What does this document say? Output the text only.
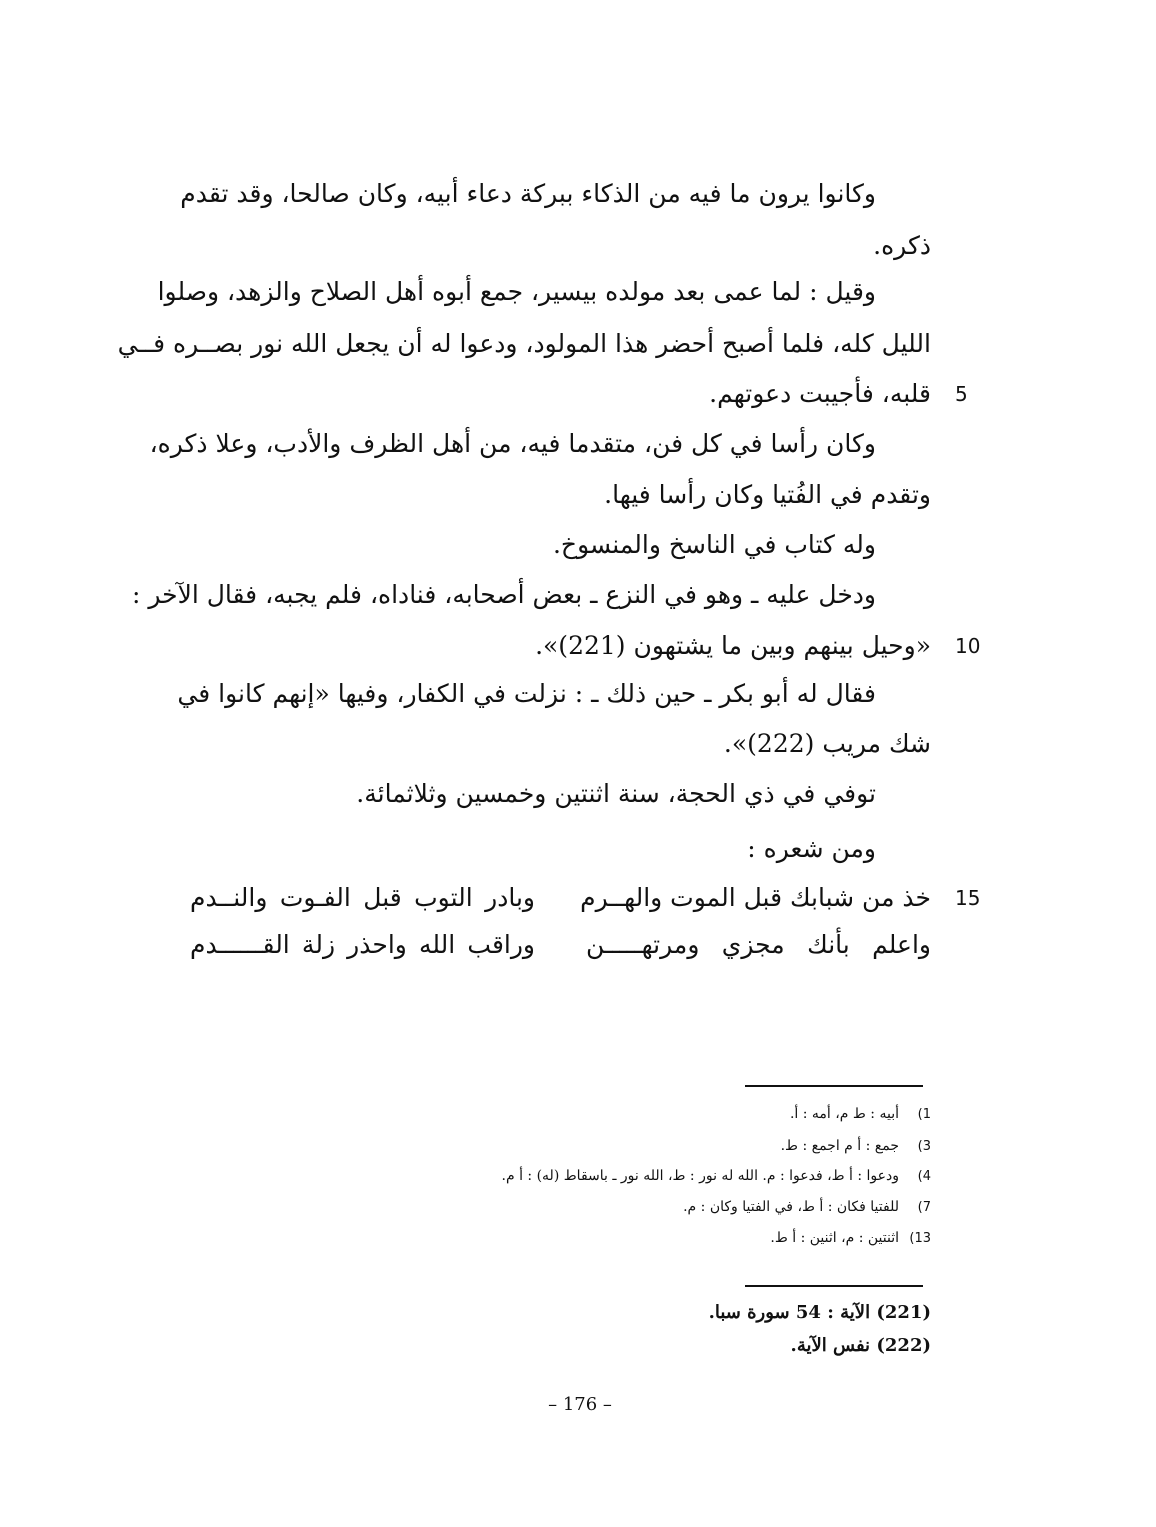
وكانوا يرون ما فيه من الذكاء ببركة دعاء أبيه، وكان صالحا، وقد تقدم
ذكره.
وقيل : لما عمى بعد مولده بيسير، جمع أبوه أهل الصلاح والزهد، وصلوا
الليل كله، فلما أصبح أحضر هذا المولود، ودعوا له أن يجعل الله نور بصــره فــي
قلبه، فأجيبت دعوتهم. 5
وكان رأسا في كل فن، متقدما فيه، من أهل الظرف والأدب، وعلا ذكره،
وتقدم في الفُتيا وكان رأسا فيها.
وله كتاب في الناسخ والمنسوخ.
ودخل عليه ـ وهو في النزع ـ بعض أصحابه، فناداه، فلم يجبه، فقال الآخر :
«وحيل بينهم وبين ما يشتهون (221)». 10
فقال له أبو بكر ـ حين ذلك ـ : نزلت في الكفار، وفيها «إنهم كانوا في
شك مريب (222)».
توفي في ذي الحجة، سنة اثنتين وخمسين وثلاثمائة.
ومن شعره :
خذ من شبابك قبل الموت والهــرم
وبادر التوب قبل الفـوت والنــدم	15
واعلم بأنك مجزي ومرتهـــــن
وراقب الله واحذر زلة القــــــدم
1)أبيه : ط م، أمه : أ.
3)جمع : أ م اجمع : ط.
4)ودعوا : أ ط، فدعوا : م. الله له نور : ط، الله نور ـ باسقاط (له) : أ م.
7)للفتيا فكان : أ ط، في الفتيا وكان : م.
13)اثنتين : م، اثنين : أ ط.
(221) الآية : 54 سورة سبا.
(222) نفس الآية.
– 176 –
